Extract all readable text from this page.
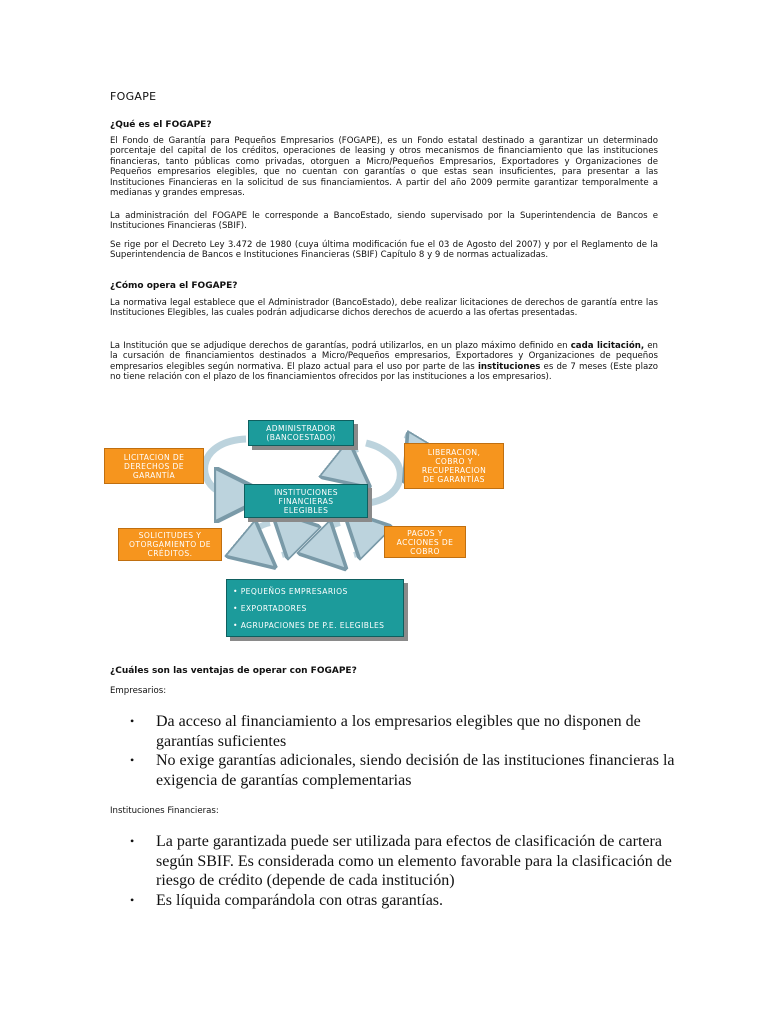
FOGAPE
¿Qué es el FOGAPE?
El Fondo de Garantía para Pequeños Empresarios (FOGAPE), es un Fondo estatal destinado a garantizar un determinado porcentaje del capital de los créditos, operaciones de leasing y otros mecanismos de financiamiento que las instituciones financieras, tanto públicas como privadas, otorguen a Micro/Pequeños Empresarios, Exportadores y Organizaciones de Pequeños empresarios elegibles, que no cuentan con garantías o que estas sean insuficientes, para presentar a las Instituciones Financieras en la solicitud de sus financiamientos. A partir del año 2009 permite garantizar temporalmente a medianas y grandes empresas.
La administración del FOGAPE le corresponde a BancoEstado, siendo supervisado por la Superintendencia de Bancos e Instituciones Financieras (SBIF).
Se rige por el Decreto Ley 3.472 de 1980 (cuya última modificación fue el 03 de Agosto del 2007) y por el Reglamento de la Superintendencia de Bancos e Instituciones Financieras (SBIF) Capítulo 8 y 9 de normas actualizadas.
¿Cómo opera el FOGAPE?
La normativa legal establece que el Administrador (BancoEstado), debe realizar licitaciones de derechos de garantía entre las Instituciones Elegibles, las cuales podrán adjudicarse dichos derechos de acuerdo a las ofertas presentadas.
La Institución que se adjudique derechos de garantías, podrá utilizarlos, en un plazo máximo definido en cada licitación, en la cursación de financiamientos destinados a Micro/Pequeños empresarios, Exportadores y Organizaciones de pequeños empresarios elegibles según normativa. El plazo actual para el uso por parte de las instituciones es de 7 meses (Este plazo no tiene relación con el plazo de los financiamientos ofrecidos por las instituciones a los empresarios).
¿Cuáles son las ventajas de operar con FOGAPE?
Empresarios:
• Da acceso al financiamiento a los empresarios elegibles que no disponen de garantías suficientes
• No exige garantías adicionales, siendo decisión de las instituciones financieras la exigencia de garantías complementarias
Instituciones Financieras:
• La parte garantizada puede ser utilizada para efectos de clasificación de cartera según SBIF. Es considerada como un elemento favorable para la clasificación de riesgo de crédito (depende de cada institución)
• Es líquida comparándola con otras garantías.
ADMINISTRADOR
(BANCOESTADO)
LICITACION DE
DERECHOS DE
GARANTÍA
LIBERACION,
COBRO Y
RECUPERACION
DE GARANTÍAS
INSTITUCIONES
FINANCIERAS
ELEGIBLES
SOLICITUDES Y
OTORGAMIENTO DE
CRÉDITOS.
PAGOS Y
ACCIONES DE
COBRO
• PEQUEÑOS EMPRESARIOS
• EXPORTADORES
• AGRUPACIONES DE P.E. ELEGIBLES
